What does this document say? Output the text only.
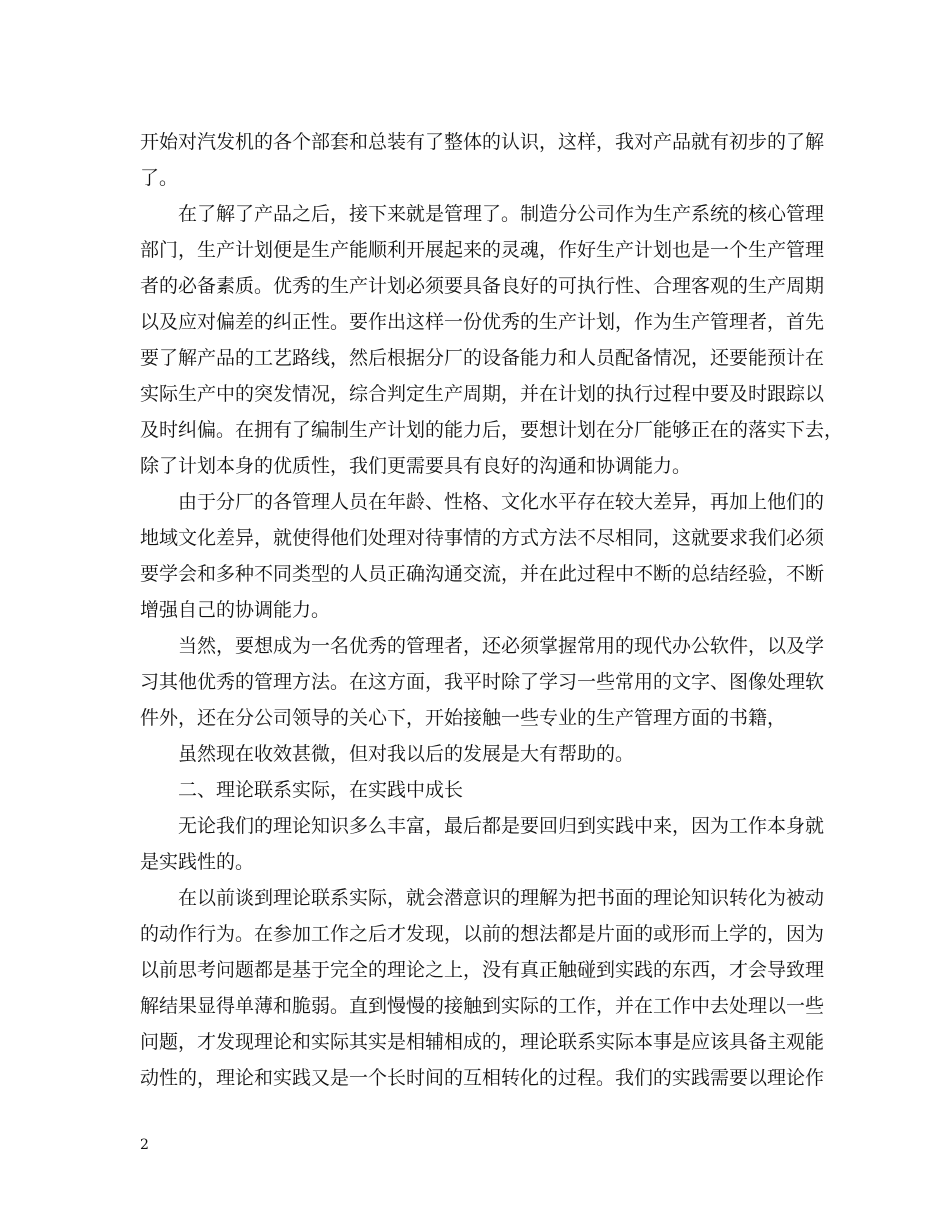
开始对汽发机的各个部套和总装有了整体的认识，这样，我对产品就有初步的了解
了。
在了解了产品之后，接下来就是管理了。制造分公司作为生产系统的核心管理
部门，生产计划便是生产能顺利开展起来的灵魂，作好生产计划也是一个生产管理
者的必备素质。优秀的生产计划必须要具备良好的可执行性、合理客观的生产周期
以及应对偏差的纠正性。要作出这样一份优秀的生产计划，作为生产管理者，首先
要了解产品的工艺路线，然后根据分厂的设备能力和人员配备情况，还要能预计在
实际生产中的突发情况，综合判定生产周期，并在计划的执行过程中要及时跟踪以
及时纠偏。在拥有了编制生产计划的能力后，要想计划在分厂能够正在的落实下去，
除了计划本身的优质性，我们更需要具有良好的沟通和协调能力。
由于分厂的各管理人员在年龄、性格、文化水平存在较大差异，再加上他们的
地域文化差异，就使得他们处理对待事情的方式方法不尽相同，这就要求我们必须
要学会和多种不同类型的人员正确沟通交流，并在此过程中不断的总结经验，不断
增强自己的协调能力。
当然，要想成为一名优秀的管理者，还必须掌握常用的现代办公软件，以及学
习其他优秀的管理方法。在这方面，我平时除了学习一些常用的文字、图像处理软
件外，还在分公司领导的关心下，开始接触一些专业的生产管理方面的书籍，
虽然现在收效甚微，但对我以后的发展是大有帮助的。
二、理论联系实际，在实践中成长
无论我们的理论知识多么丰富，最后都是要回归到实践中来，因为工作本身就
是实践性的。
在以前谈到理论联系实际，就会潜意识的理解为把书面的理论知识转化为被动
的动作行为。在参加工作之后才发现，以前的想法都是片面的或形而上学的，因为
以前思考问题都是基于完全的理论之上，没有真正触碰到实践的东西，才会导致理
解结果显得单薄和脆弱。直到慢慢的接触到实际的工作，并在工作中去处理以一些
问题，才发现理论和实际其实是相辅相成的，理论联系实际本事是应该具备主观能
动性的，理论和实践又是一个长时间的互相转化的过程。我们的实践需要以理论作
2
